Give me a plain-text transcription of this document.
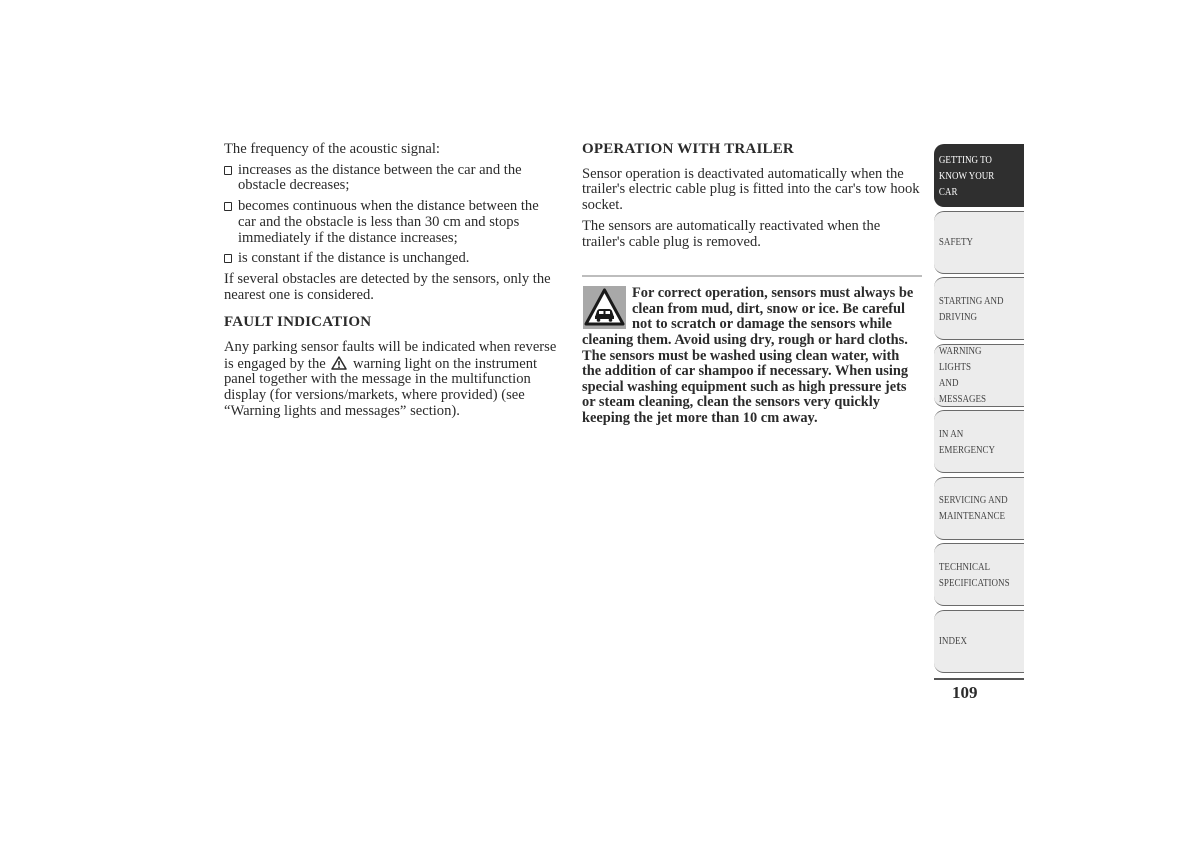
The frequency of the acoustic signal:

increases as the distance between the car and the obstacle decreases;
becomes continuous when the distance between the car and the obstacle is less than 30 cm and stops immediately if the distance increases;
is constant if the distance is unchanged.

If several obstacles are detected by the sensors, only the nearest one is considered.

FAULT INDICATION

Any parking sensor faults will be indicated when reverse is engaged by the warning light on the instrument panel together with the message in the multifunction display (for versions/markets, where provided) (see “Warning lights and messages” section).

OPERATION WITH TRAILER

Sensor operation is deactivated automatically when the trailer's electric cable plug is fitted into the car's tow hook socket.

The sensors are automatically reactivated when the trailer's cable plug is removed.

For correct operation, sensors must always be clean from mud, dirt, snow or ice. Be careful not to scratch or damage the sensors while cleaning them. Avoid using dry, rough or hard cloths. The sensors must be washed using clean water, with the addition of car shampoo if necessary. When using special washing equipment such as high pressure jets or steam cleaning, clean the sensors very quickly keeping the jet more than 10 cm away.
GETTING TO
KNOW YOUR CAR
SAFETY
STARTING AND
DRIVING
WARNING LIGHTS
AND MESSAGES
IN AN EMERGENCY
SERVICING AND
MAINTENANCE
TECHNICAL
SPECIFICATIONS
INDEX
109
